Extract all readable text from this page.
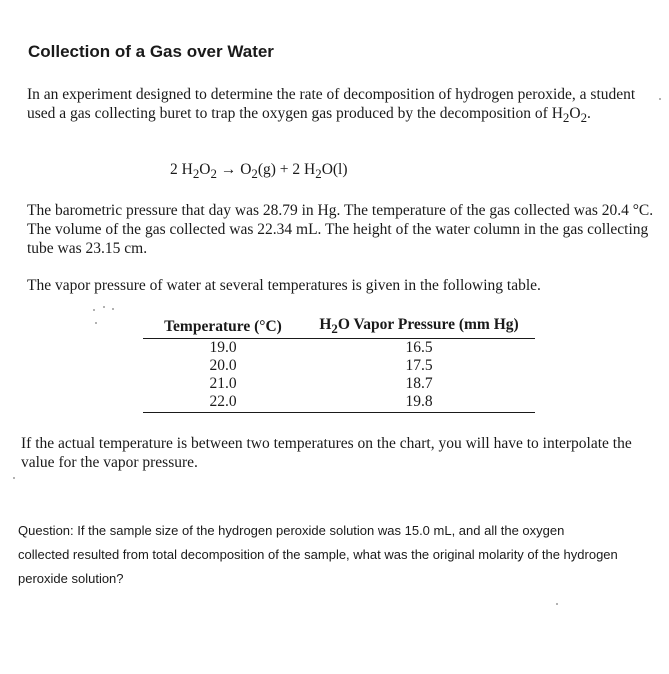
Collection of a Gas over Water

In an experiment designed to determine the rate of decomposition of hydrogen peroxide, a student used a gas collecting buret to trap the oxygen gas produced by the decomposition of $H_2O_2$.

2 $H_2O_2 \to O_2(g) + 2$ $H_2O(l)$

The barometric pressure that day was 28.79 in Hg. The temperature of the gas collected was 20.4 °C. The volume of the gas collected was 22.34 mL. The height of the water column in the gas collecting tube was 23.15 cm.

The vapor pressure of water at several temperatures is given in the following table.

Temperature (°C)	$H_2O$ Vapor Pressure (mm Hg)
19.0	16.5
20.0	17.5
21.0	18.7
22.0	19.8

If the actual temperature is between two temperatures on the chart, you will have to interpolate the value for the vapor pressure.

Question: If the sample size of the hydrogen peroxide solution was 15.0 mL, and all the oxygen collected resulted from total decomposition of the sample, what was the original molarity of the hydrogen peroxide solution?
